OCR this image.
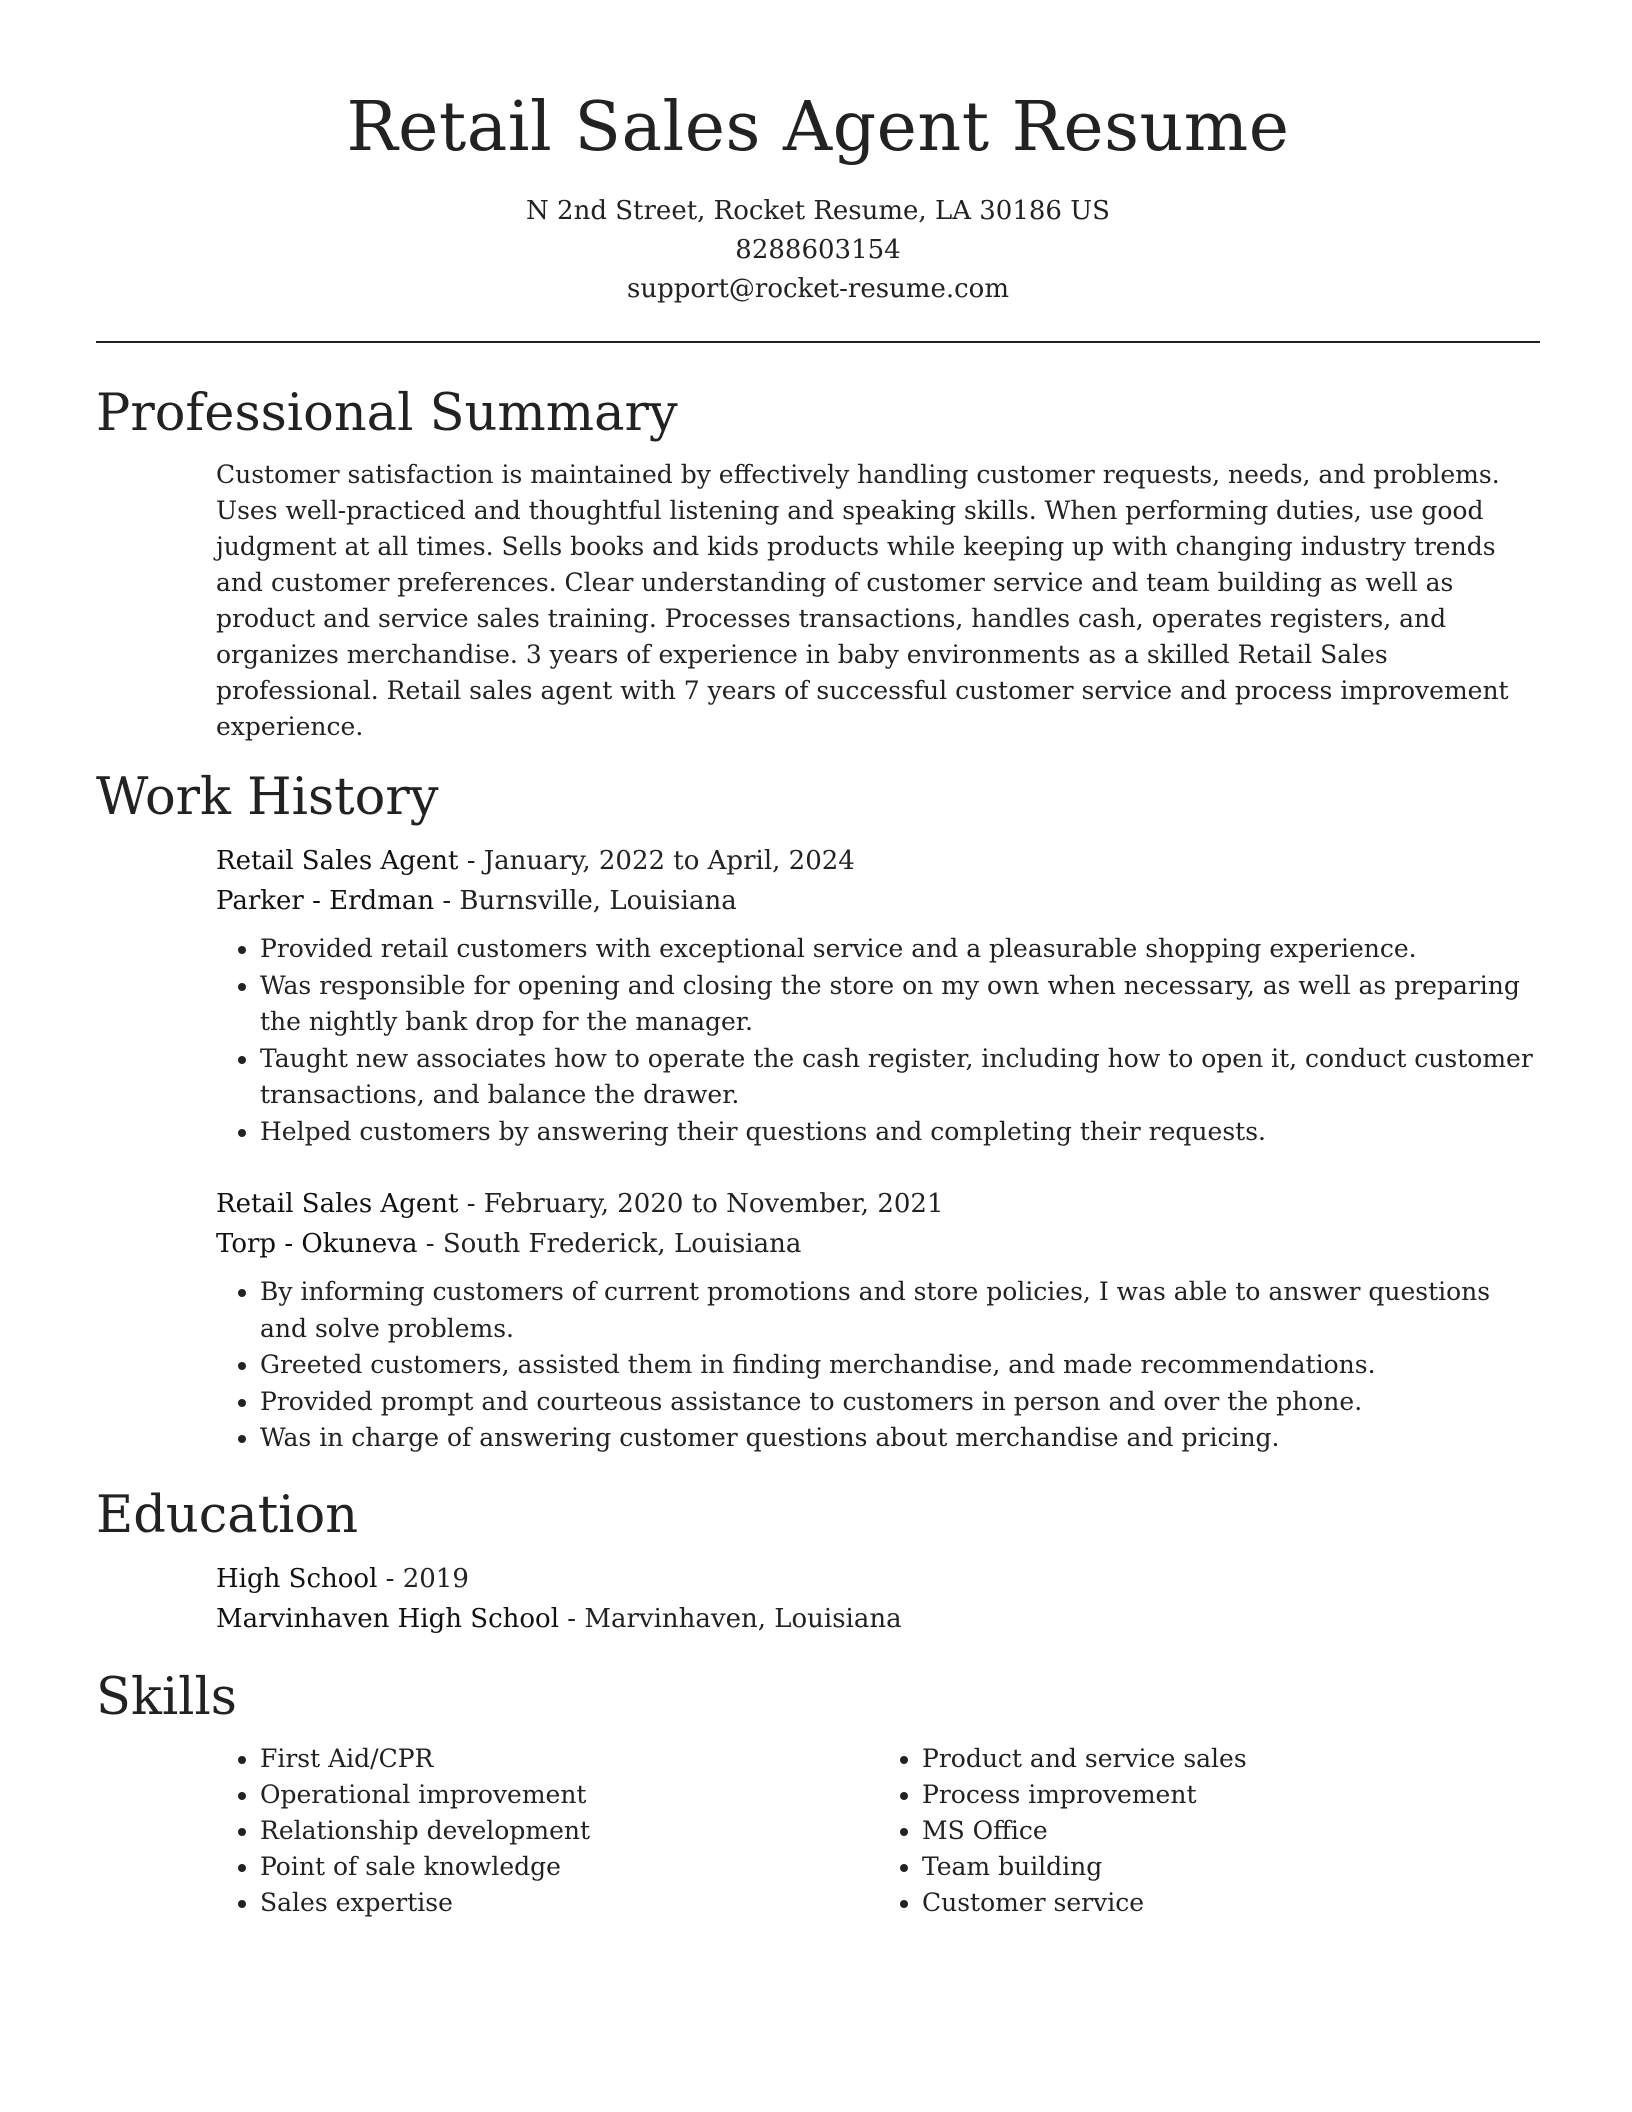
Retail Sales Agent Resume
N 2nd Street, Rocket Resume, LA 30186 US
8288603154
support@rocket-resume.com
Professional Summary
Customer satisfaction is maintained by effectively handling customer requests, needs, and problems. Uses well-practiced and thoughtful listening and speaking skills. When performing duties, use good judgment at all times. Sells books and kids products while keeping up with changing industry trends and customer preferences. Clear understanding of customer service and team building as well as product and service sales training. Processes transactions, handles cash, operates registers, and organizes merchandise. 3 years of experience in baby environments as a skilled Retail Sales professional. Retail sales agent with 7 years of successful customer service and process improvement experience.
Work History
Retail Sales Agent - January, 2022 to April, 2024
Parker - Erdman - Burnsville, Louisiana
• Provided retail customers with exceptional service and a pleasurable shopping experience.
• Was responsible for opening and closing the store on my own when necessary, as well as preparing the nightly bank drop for the manager.
• Taught new associates how to operate the cash register, including how to open it, conduct customer transactions, and balance the drawer.
• Helped customers by answering their questions and completing their requests.
Retail Sales Agent - February, 2020 to November, 2021
Torp - Okuneva - South Frederick, Louisiana
• By informing customers of current promotions and store policies, I was able to answer questions and solve problems.
• Greeted customers, assisted them in finding merchandise, and made recommendations.
• Provided prompt and courteous assistance to customers in person and over the phone.
• Was in charge of answering customer questions about merchandise and pricing.
Education
High School - 2019
Marvinhaven High School - Marvinhaven, Louisiana
Skills
• First Aid/CPR
• Operational improvement
• Relationship development
• Point of sale knowledge
• Sales expertise
• Product and service sales
• Process improvement
• MS Office
• Team building
• Customer service
